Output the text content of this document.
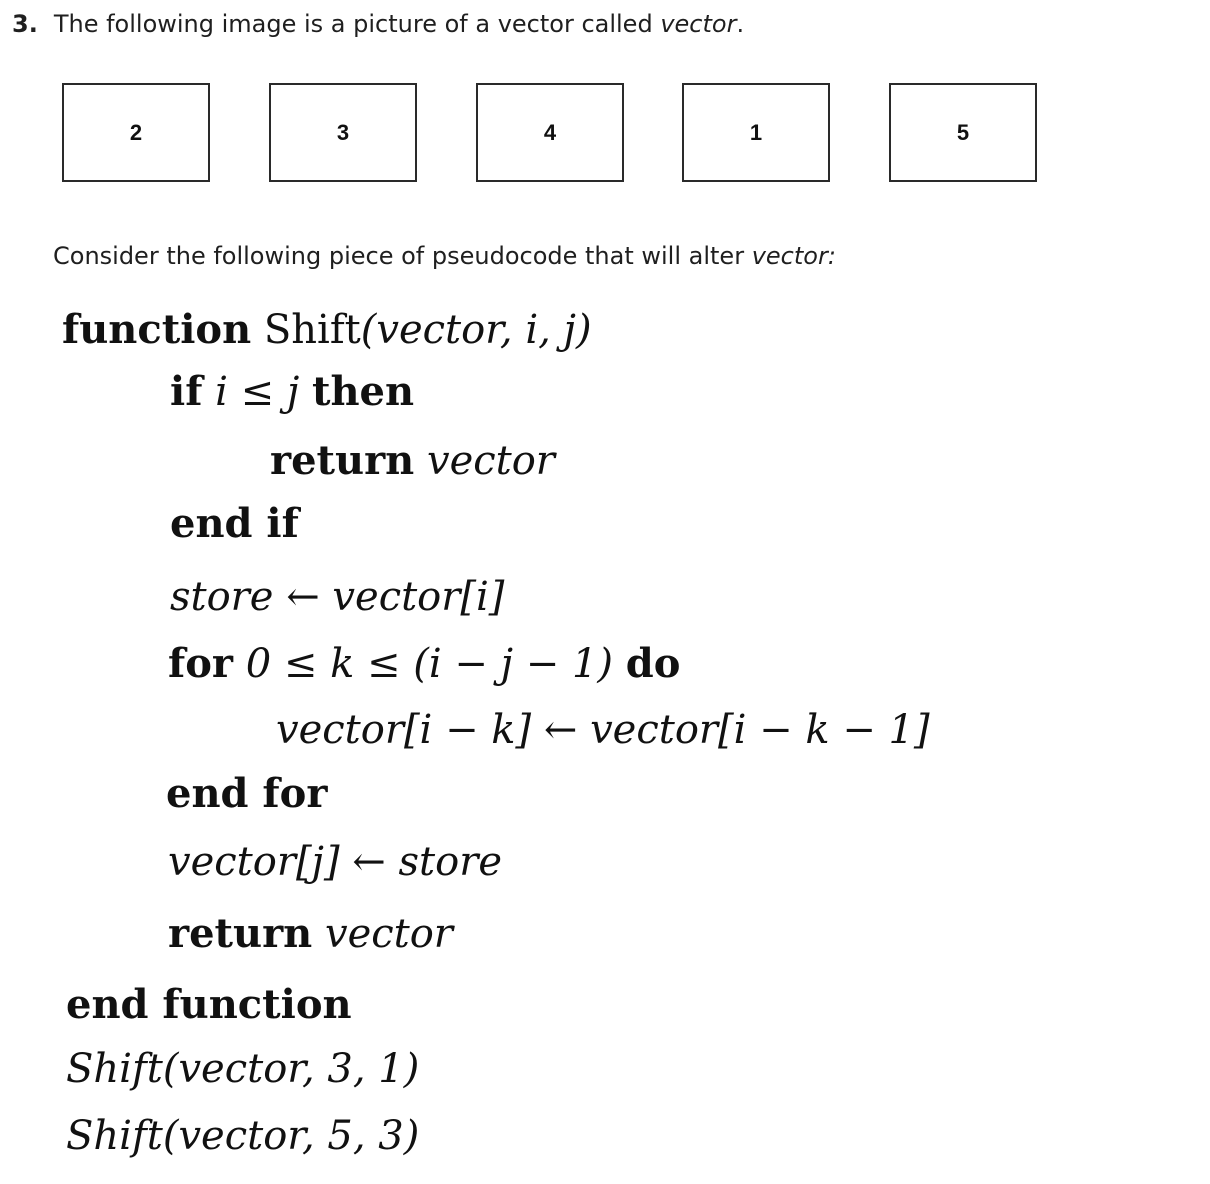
3. The following image is a picture of a vector called vector.
2	3	4	1	5
Consider the following piece of pseudocode that will alter vector:
function Shift(vector, i, j)
if i ≤ j then
return vector
end if
store ← vector[i]
for 0 ≤ k ≤ (i − j − 1) do
vector[i − k] ← vector[i − k − 1]
end for
vector[j] ← store
return vector
end function
Shift(vector, 3, 1)
Shift(vector, 5, 3)
